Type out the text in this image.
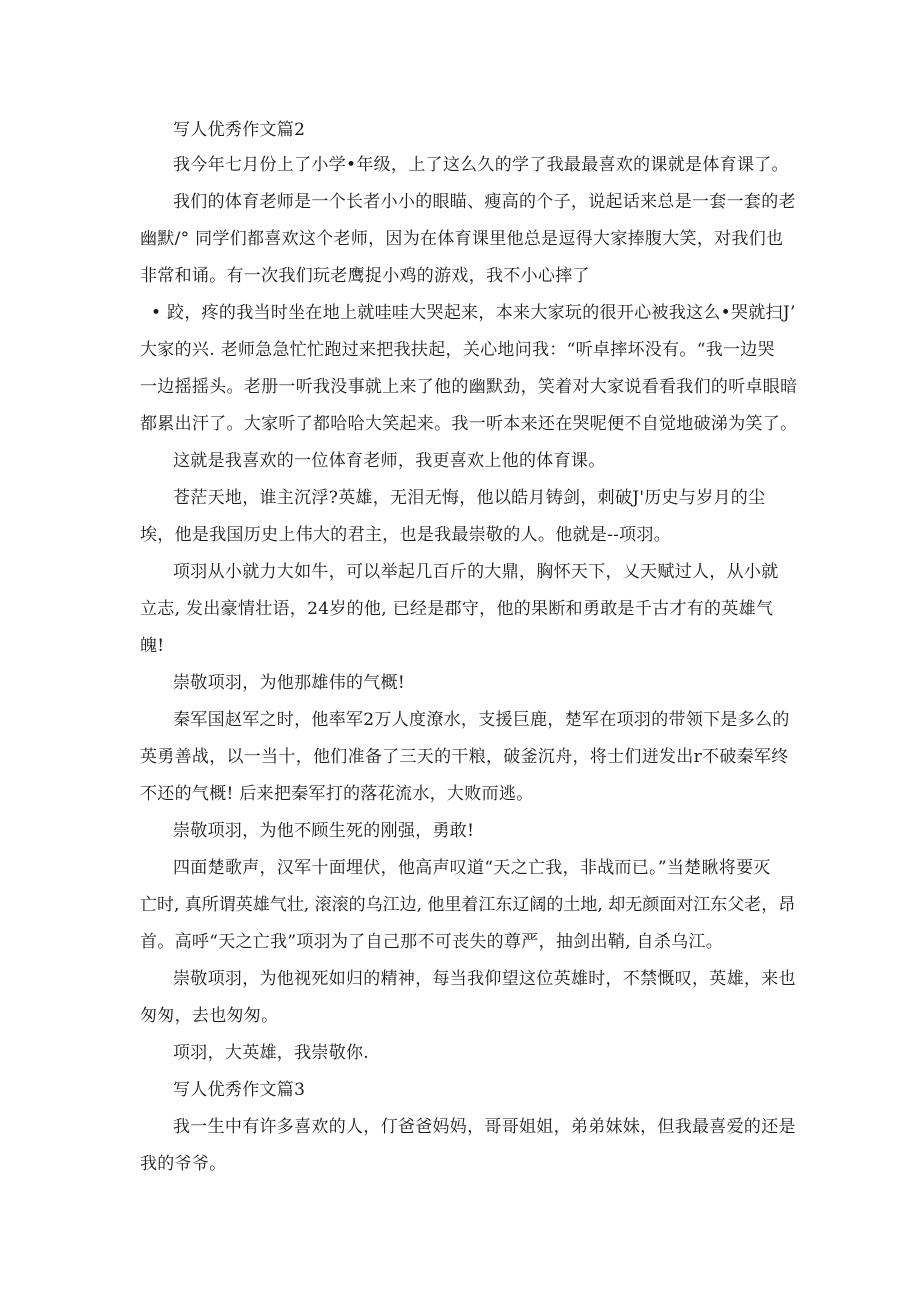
写人优秀作文篇2
我今年七月份上了小学•年级，上了这么久的学了我最最喜欢的课就是体育课了。
我们的体育老师是一个长者小小的眼瞄、瘦高的个子，说起话来总是一套一套的老
幽默/° 同学们都喜欢这个老师，因为在体育课里他总是逗得大家捧腹大笑，对我们也
非常和诵。有一次我们玩老鹰捉小鸡的游戏，我不小心摔了
• 跤，疼的我当时坐在地上就哇哇大哭起来，本来大家玩的很开心被我这么•哭就扫J’
大家的兴. 老师急急忙忙跑过来把我扶起，关心地问我：“听卓摔坏没有。“我一边哭
一边摇摇头。老册一听我没事就上来了他的幽默劲，笑着对大家说看看我们的听卓眼暗
都累出汗了。大家听了都哈哈大笑起来。我一听本来还在哭呢便不自觉地破涕为笑了。
这就是我喜欢的一位体育老师，我更喜欢上他的体育课。
苍茫天地，谁主沉浮?英雄，无泪无悔，他以皓月铸剑，刺破J'历史与岁月的尘
埃，他是我国历史上伟大的君主，也是我最崇敬的人。他就是--项羽。
项羽从小就力大如牛，可以举起几百斤的大鼎，胸怀天下，乂天赋过人，从小就
立志, 发出豪情壮语，24岁的他, 已经是郡守，他的果断和勇敢是千古才有的英雄气
魄!
崇敬项羽，为他那雄伟的气概!
秦军国赵军之时，他率军2万人度潦水，支援巨鹿，楚军在项羽的带领下是多么的
英勇善战，以一当十，他们准备了三天的干粮，破釜沉舟，将士们迸发出r不破秦军终
不还的气概! 后来把秦军打的落花流水，大败而逃。
崇敬项羽，为他不顾生死的刚强，勇敢!
四面楚歌声，汉军十面埋伏，他高声叹道“天之亡我，非战而已。”当楚瞅将要灭
亡时, 真所谓英雄气壮, 滚滚的乌江边, 他里着江东辽阔的土地, 却无颜面对江东父老，昂
首。高呼“天之亡我”项羽为了自己那不可丧失的尊严，抽剑出鞘, 自杀乌江。
崇敬项羽，为他视死如归的精神，每当我仰望这位英雄时，不禁慨叹，英雄，来也
匆匆，去也匆匆。
项羽，大英雄，我崇敬你.
写人优秀作文篇3
我一生中有许多喜欢的人，仃爸爸妈妈，哥哥姐姐，弟弟妹妹，但我最喜爱的还是
我的爷爷。
